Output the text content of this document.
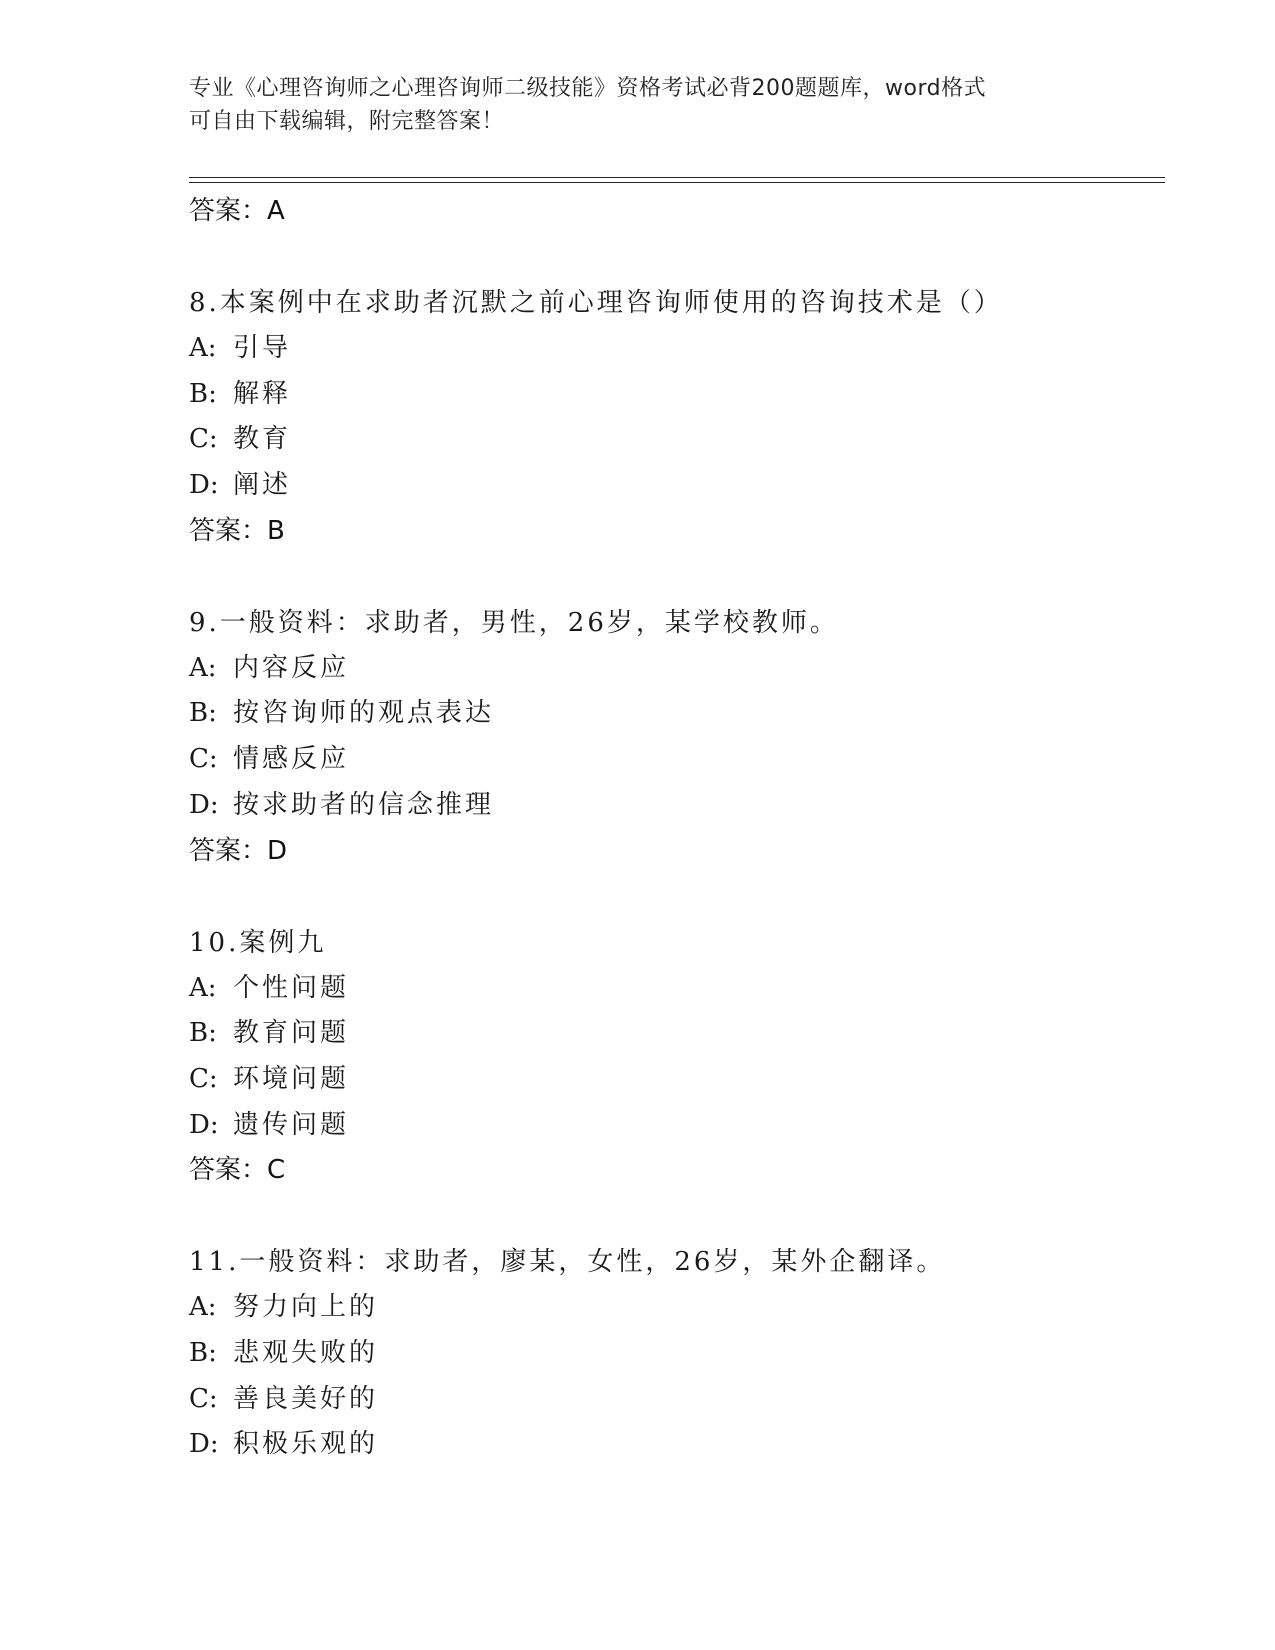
专业《心理咨询师之心理咨询师二级技能》资格考试必背200题题库，word格式
可自由下载编辑，附完整答案！
答案：A
8.本案例中在求助者沉默之前心理咨询师使用的咨询技术是（）
A: 引导
B: 解释
C: 教育
D: 阐述
答案：B
9.一般资料：求助者，男性，26岁，某学校教师。
A: 内容反应
B: 按咨询师的观点表达
C: 情感反应
D: 按求助者的信念推理
答案：D
10.案例九
A: 个性问题
B: 教育问题
C: 环境问题
D: 遗传问题
答案：C
11.一般资料：求助者，廖某，女性，26岁，某外企翻译。
A: 努力向上的
B: 悲观失败的
C: 善良美好的
D: 积极乐观的
